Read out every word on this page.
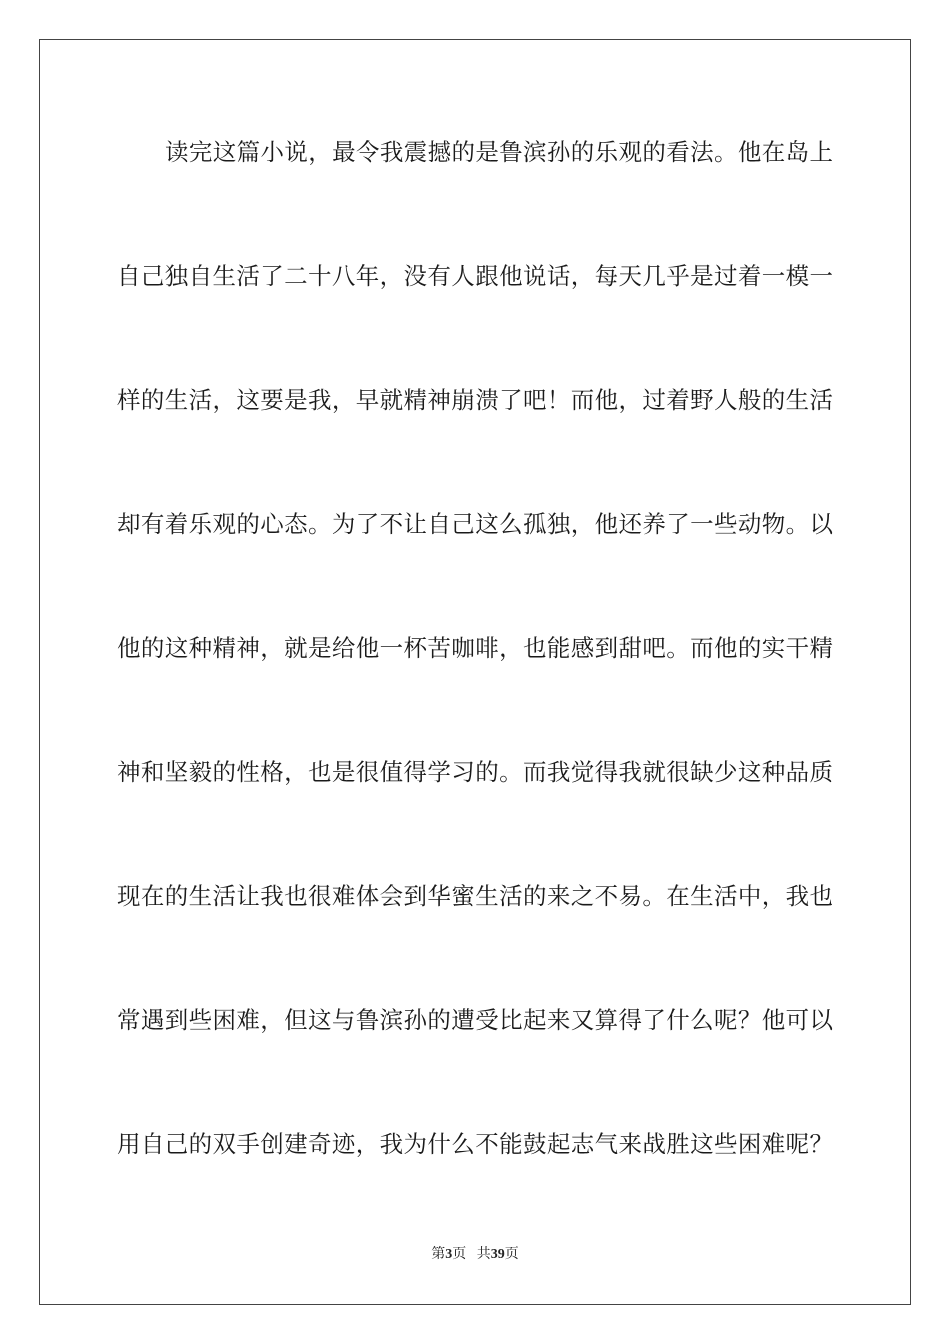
读完这篇小说，最令我震撼的是鲁滨孙的乐观的看法。他在岛上
自己独自生活了二十八年，没有人跟他说话，每天几乎是过着一模一
样的生活，这要是我，早就精神崩溃了吧！而他，过着野人般的生活
却有着乐观的心态。为了不让自己这么孤独，他还养了一些动物。以
他的这种精神，就是给他一杯苦咖啡，也能感到甜吧。而他的实干精
神和坚毅的性格，也是很值得学习的。而我觉得我就很缺少这种品质
现在的生活让我也很难体会到华蜜生活的来之不易。在生活中，我也
常遇到些困难，但这与鲁滨孙的遭受比起来又算得了什么呢？他可以
用自己的双手创建奇迹，我为什么不能鼓起志气来战胜这些困难呢？
第3页 共39页
